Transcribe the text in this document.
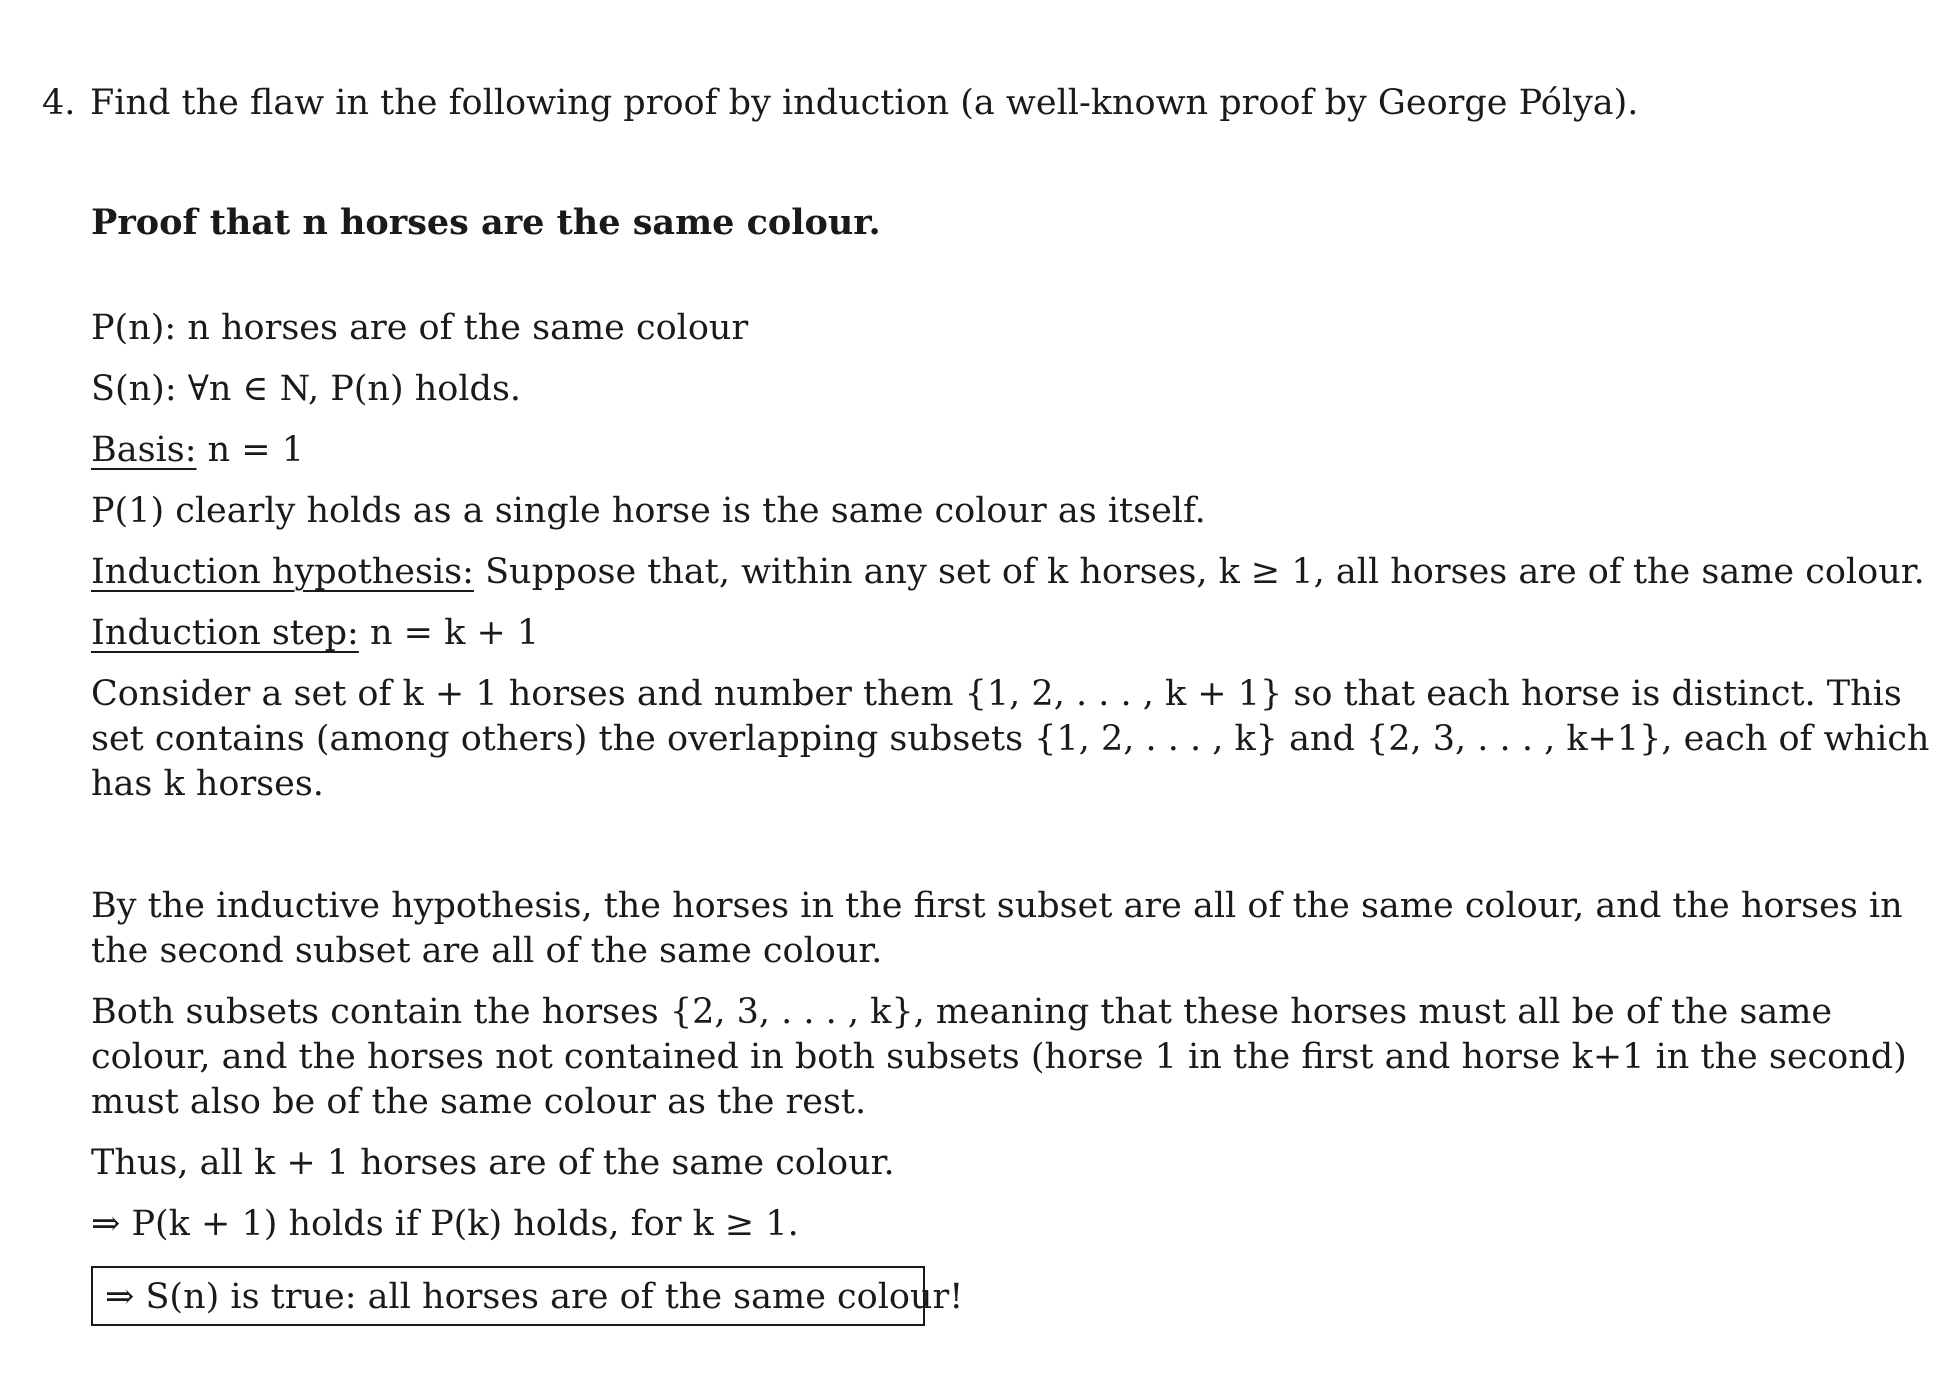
4. Find the flaw in the following proof by induction (a well-known proof by George Pólya).
Proof that n horses are the same colour.
P(n): n horses are of the same colour
S(n): ∀n ∈ N, P(n) holds.
Basis: n = 1
P(1) clearly holds as a single horse is the same colour as itself.
Induction hypothesis: Suppose that, within any set of k horses, k ≥ 1, all horses are of the same colour.
Induction step: n = k + 1
Consider a set of k + 1 horses and number them {1, 2, . . . , k + 1} so that each horse is distinct. This
set contains (among others) the overlapping subsets {1, 2, . . . , k} and {2, 3, . . . , k+1}, each of which
has k horses.
By the inductive hypothesis, the horses in the first subset are all of the same colour, and the horses in
the second subset are all of the same colour.
Both subsets contain the horses {2, 3, . . . , k}, meaning that these horses must all be of the same
colour, and the horses not contained in both subsets (horse 1 in the first and horse k+1 in the second)
must also be of the same colour as the rest.
Thus, all k + 1 horses are of the same colour.
⇒ P(k + 1) holds if P(k) holds, for k ≥ 1.
⇒ S(n) is true: all horses are of the same colour!
